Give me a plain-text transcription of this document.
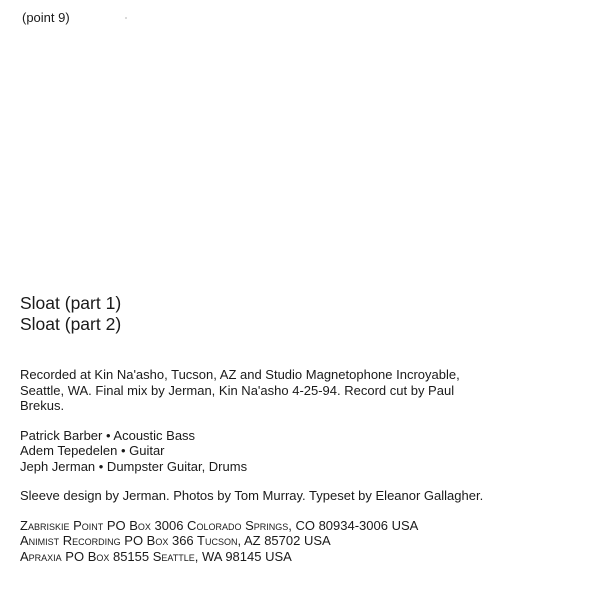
(point 9)
Sloat (part 1)
Sloat (part 2)

Recorded at Kin Na'asho, Tucson, AZ and Studio Magnetophone Incroyable, Seattle, WA. Final mix by Jerman, Kin Na'asho 4-25-94. Record cut by Paul Brekus.

Patrick Barber • Acoustic Bass
Adem Tepedelen • Guitar
Jeph Jerman • Dumpster Guitar, Drums

Sleeve design by Jerman. Photos by Tom Murray. Typeset by Eleanor Gallagher.

Zabriskie Point PO Box 3006 Colorado Springs, CO 80934-3006 USA
Animist Recording PO Box 366 Tucson, AZ 85702 USA
Apraxia PO Box 85155 Seattle, WA 98145 USA
